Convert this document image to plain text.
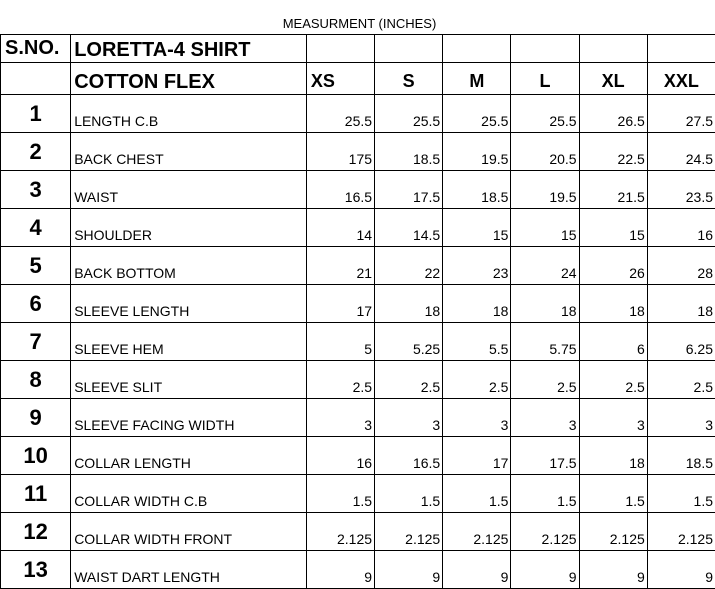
MEASURMENT (INCHES)
S.NO.	LORETTA-4 SHIRT						
	COTTON FLEX	XS	S	M	L	XL	XXL
1	LENGTH C.B	25.5	25.5	25.5	25.5	26.5	27.5
2	BACK CHEST	175	18.5	19.5	20.5	22.5	24.5
3	WAIST	16.5	17.5	18.5	19.5	21.5	23.5
4	SHOULDER	14	14.5	15	15	15	16
5	BACK BOTTOM	21	22	23	24	26	28
6	SLEEVE LENGTH	17	18	18	18	18	18
7	SLEEVE HEM	5	5.25	5.5	5.75	6	6.25
8	SLEEVE SLIT	2.5	2.5	2.5	2.5	2.5	2.5
9	SLEEVE FACING WIDTH	3	3	3	3	3	3
10	COLLAR LENGTH	16	16.5	17	17.5	18	18.5
11	COLLAR WIDTH C.B	1.5	1.5	1.5	1.5	1.5	1.5
12	COLLAR WIDTH FRONT	2.125	2.125	2.125	2.125	2.125	2.125
13	WAIST DART LENGTH	9	9	9	9	9	9
